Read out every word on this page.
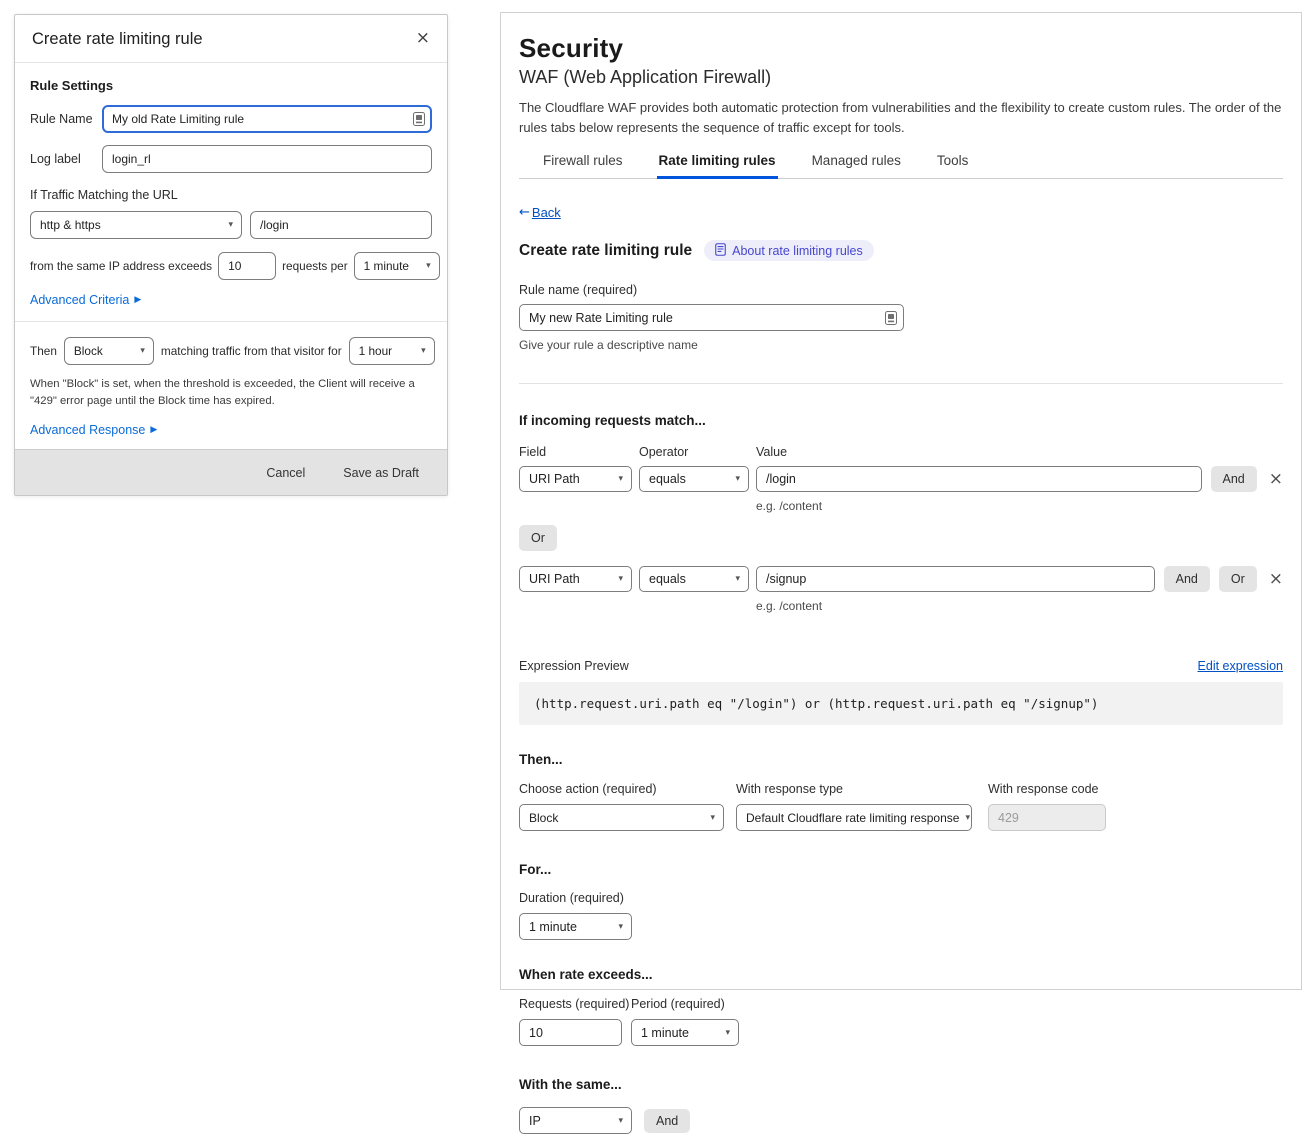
Create rate limiting rule	×
Rule Settings
Rule Name
My old Rate Limiting rule
Log label
login_rl
If Traffic Matching the URL
http & https	▾
/login
from the same IP address exceeds
10	requests per 1 minute ▾
Advanced Criteria ▶
Then Block	▾ matching traffic from that visitor for 1 hour	▾
When "Block" is set, when the threshold is exceeded, the Client will receive a "429" error page until the Block time has expired.
Advanced Response ▶
Cancel	Save as Draft
Security
WAF (Web Application Firewall)
The Cloudflare WAF provides both automatic protection from vulnerabilities and the flexibility to create custom rules. The order of the rules tabs below represents the sequence of traffic except for tools.
Firewall rules	Rate limiting rules	Managed rules	Tools
← Back
Create rate limiting rule	About rate limiting rules
Rule name (required)
My new Rate Limiting rule
Give your rule a descriptive name
If incoming requests match...
Field	Operator	Value
URI Path	▾ equals	▾
/login
e.g. /content
And	×
Or
URI Path	▾ equals	▾
/signup
e.g. /content
And	Or	×
Expression Preview	Edit expression
(http.request.uri.path eq "/login") or (http.request.uri.path eq "/signup")
Then...
Choose action (required)
Block	▾
With response type
Default Cloudflare rate limiting response ▾
With response code
429
For...
Duration (required)
1 minute	▾
When rate exceeds...
Requests (required) Period (required)
10
1 minute	▾
With the same...
IP	▾	And
